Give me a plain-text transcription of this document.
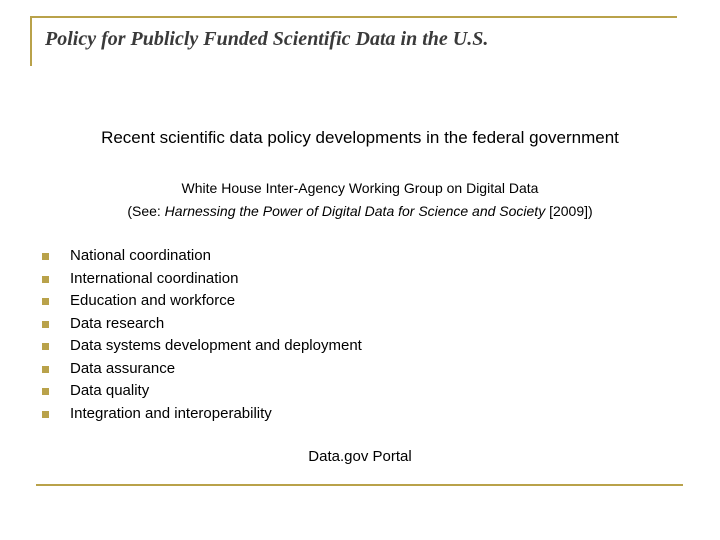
Policy for Publicly Funded Scientific Data in the U.S.
Recent scientific data policy developments in the federal government
White House Inter-Agency Working Group on Digital Data
(See: Harnessing the Power of Digital Data for Science and Society [2009])
National coordination
International coordination
Education and workforce
Data research
Data systems development and deployment
Data assurance
Data quality
Integration and interoperability
Data.gov Portal
